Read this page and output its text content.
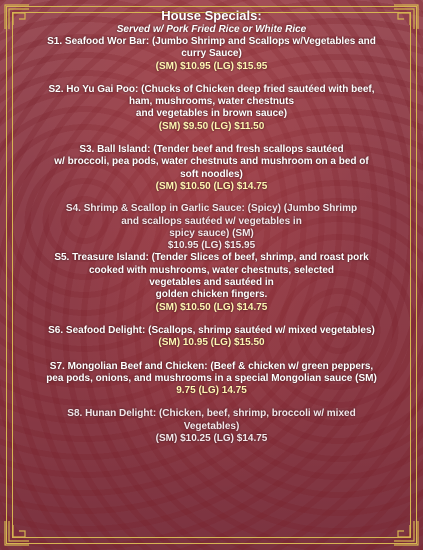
House Specials:

Served w/ Pork Fried Rice or White Rice

S1. Seafood Wor Bar: (Jumbo Shrimp and Scallops w/Vegetables and
curry Sauce)
(SM) $10.95 (LG) $15.95
S2. Ho Yu Gai Poo: (Chucks of Chicken deep fried sautéed with beef,
ham, mushrooms, water chestnuts
and vegetables in brown sauce)
(SM) $9.50 (LG) $11.50
S3. Ball Island: (Tender beef and fresh scallops sautéed
w/ broccoli, pea pods, water chestnuts and mushroom on a bed of
soft noodles)
(SM) $10.50 (LG) $14.75
S4. Shrimp & Scallop in Garlic Sauce: (Spicy) (Jumbo Shrimp
and scallops sautéed w/ vegetables in
spicy sauce) (SM)
$10.95 (LG) $15.95
S5. Treasure Island: (Tender Slices of beef, shrimp, and roast pork
cooked with mushrooms, water chestnuts, selected
vegetables and sautéed in
golden chicken fingers.
(SM) $10.50 (LG) $14.75
S6. Seafood Delight: (Scallops, shrimp sautéed w/ mixed vegetables)
(SM) 10.95 (LG) $15.50
S7. Mongolian Beef and Chicken: (Beef & chicken w/ green peppers,
pea pods, onions, and mushrooms in a special Mongolian sauce (SM)
9.75 (LG) 14.75
S8. Hunan Delight: (Chicken, beef, shrimp, broccoli w/ mixed
Vegetables)
(SM) $10.25 (LG) $14.75
